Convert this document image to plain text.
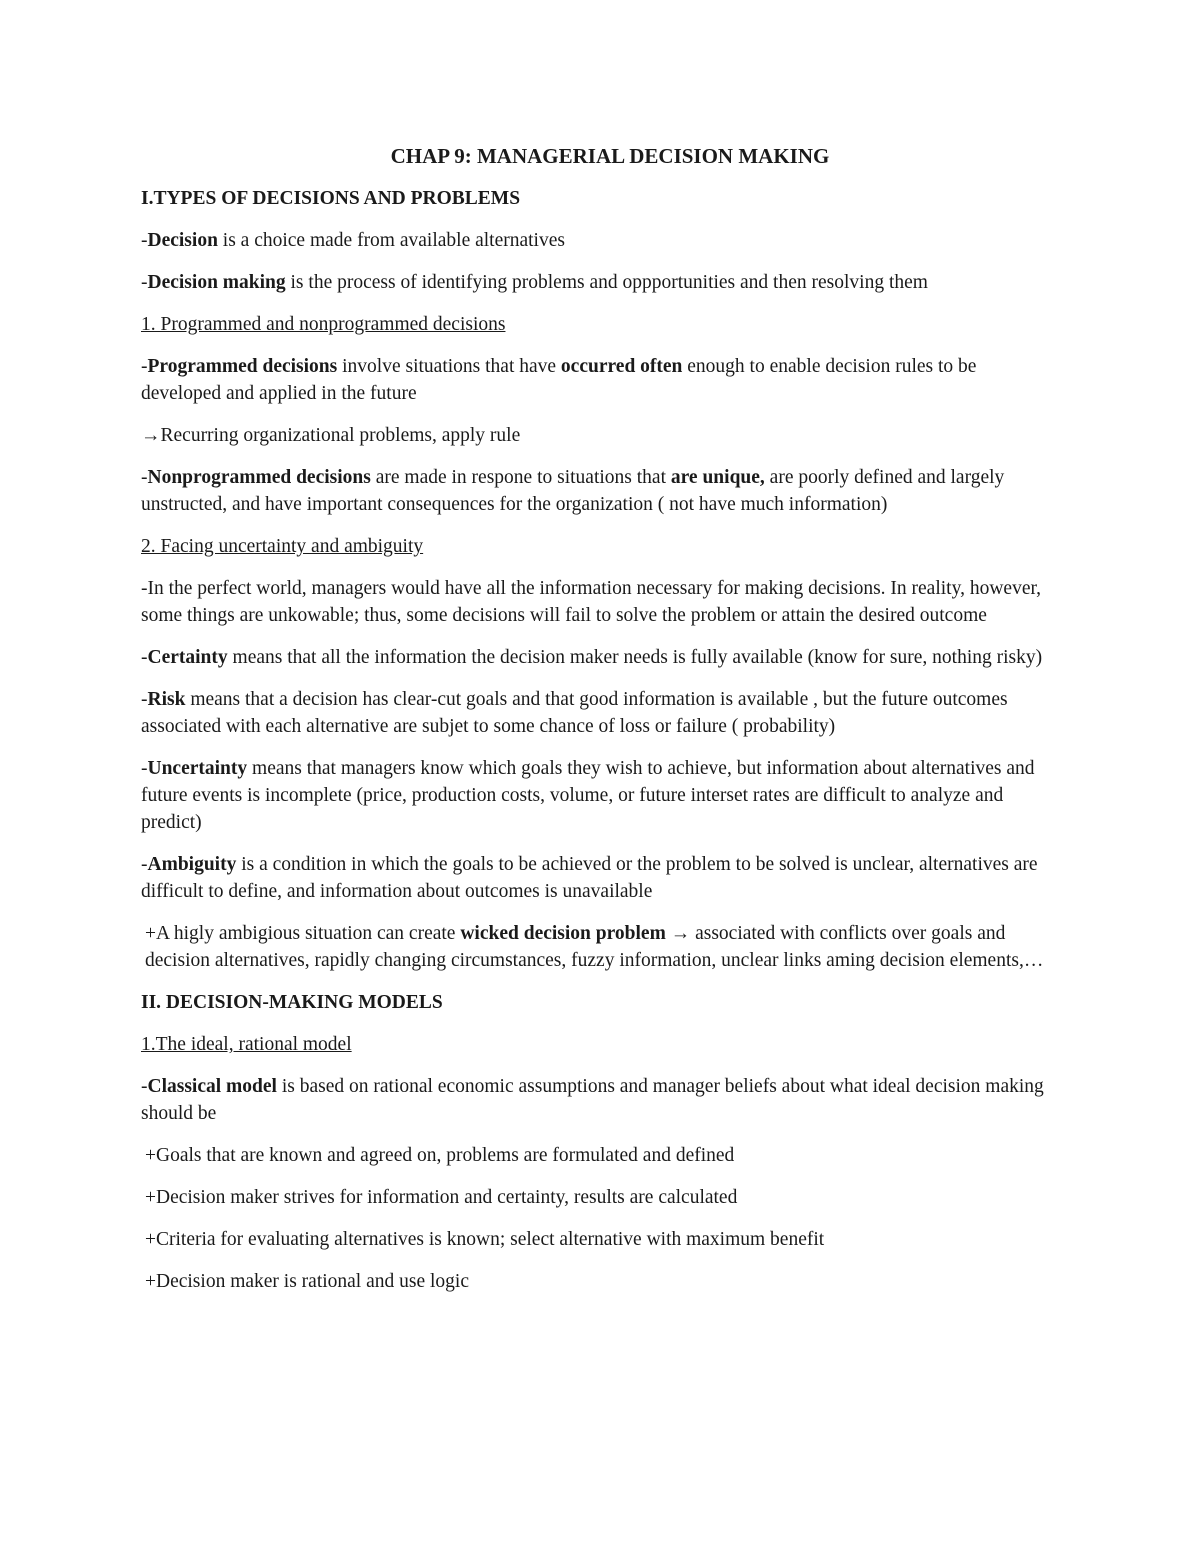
CHAP 9: MANAGERIAL DECISION MAKING
I.TYPES OF DECISIONS AND PROBLEMS
-Decision is a choice made from available alternatives
-Decision making is the process of identifying problems and oppportunities and then resolving them
1. Programmed and nonprogrammed decisions
-Programmed decisions involve situations that have occurred often enough to enable decision rules to be developed and applied in the future
→Recurring organizational problems, apply rule
-Nonprogrammed decisions are made in respone to situations that are unique, are poorly defined and largely unstructed, and have important consequences for the organization ( not have much information)
2. Facing uncertainty and ambiguity
-In the perfect world, managers would have all the information necessary for making decisions. In reality, however, some things are unkowable; thus, some decisions will fail to solve the problem or attain the desired outcome
-Certainty means that all the information the decision maker needs is fully available (know for sure, nothing risky)
-Risk means that a decision has clear-cut goals and that good information is available , but the future outcomes associated with each alternative are subjet to some chance of loss or failure ( probability)
-Uncertainty means that managers know which goals they wish to achieve, but information about alternatives and future events is incomplete (price, production costs, volume, or future interset rates are difficult to analyze and predict)
-Ambiguity is a condition in which the goals to be achieved or the problem to be solved is unclear, alternatives are difficult to define, and information about outcomes is unavailable
+A higly ambigious situation can create wicked decision problem → associated with conflicts over goals and decision alternatives, rapidly changing circumstances, fuzzy information, unclear links aming decision elements,…
II. DECISION-MAKING MODELS
1.The ideal, rational model
-Classical model is based on rational economic assumptions and manager beliefs about what ideal decision making should be
+Goals that are known and agreed on, problems are formulated and defined
+Decision maker strives for information and certainty, results are calculated
+Criteria for evaluating alternatives is known; select alternative with maximum benefit
+Decision maker is rational and use logic
